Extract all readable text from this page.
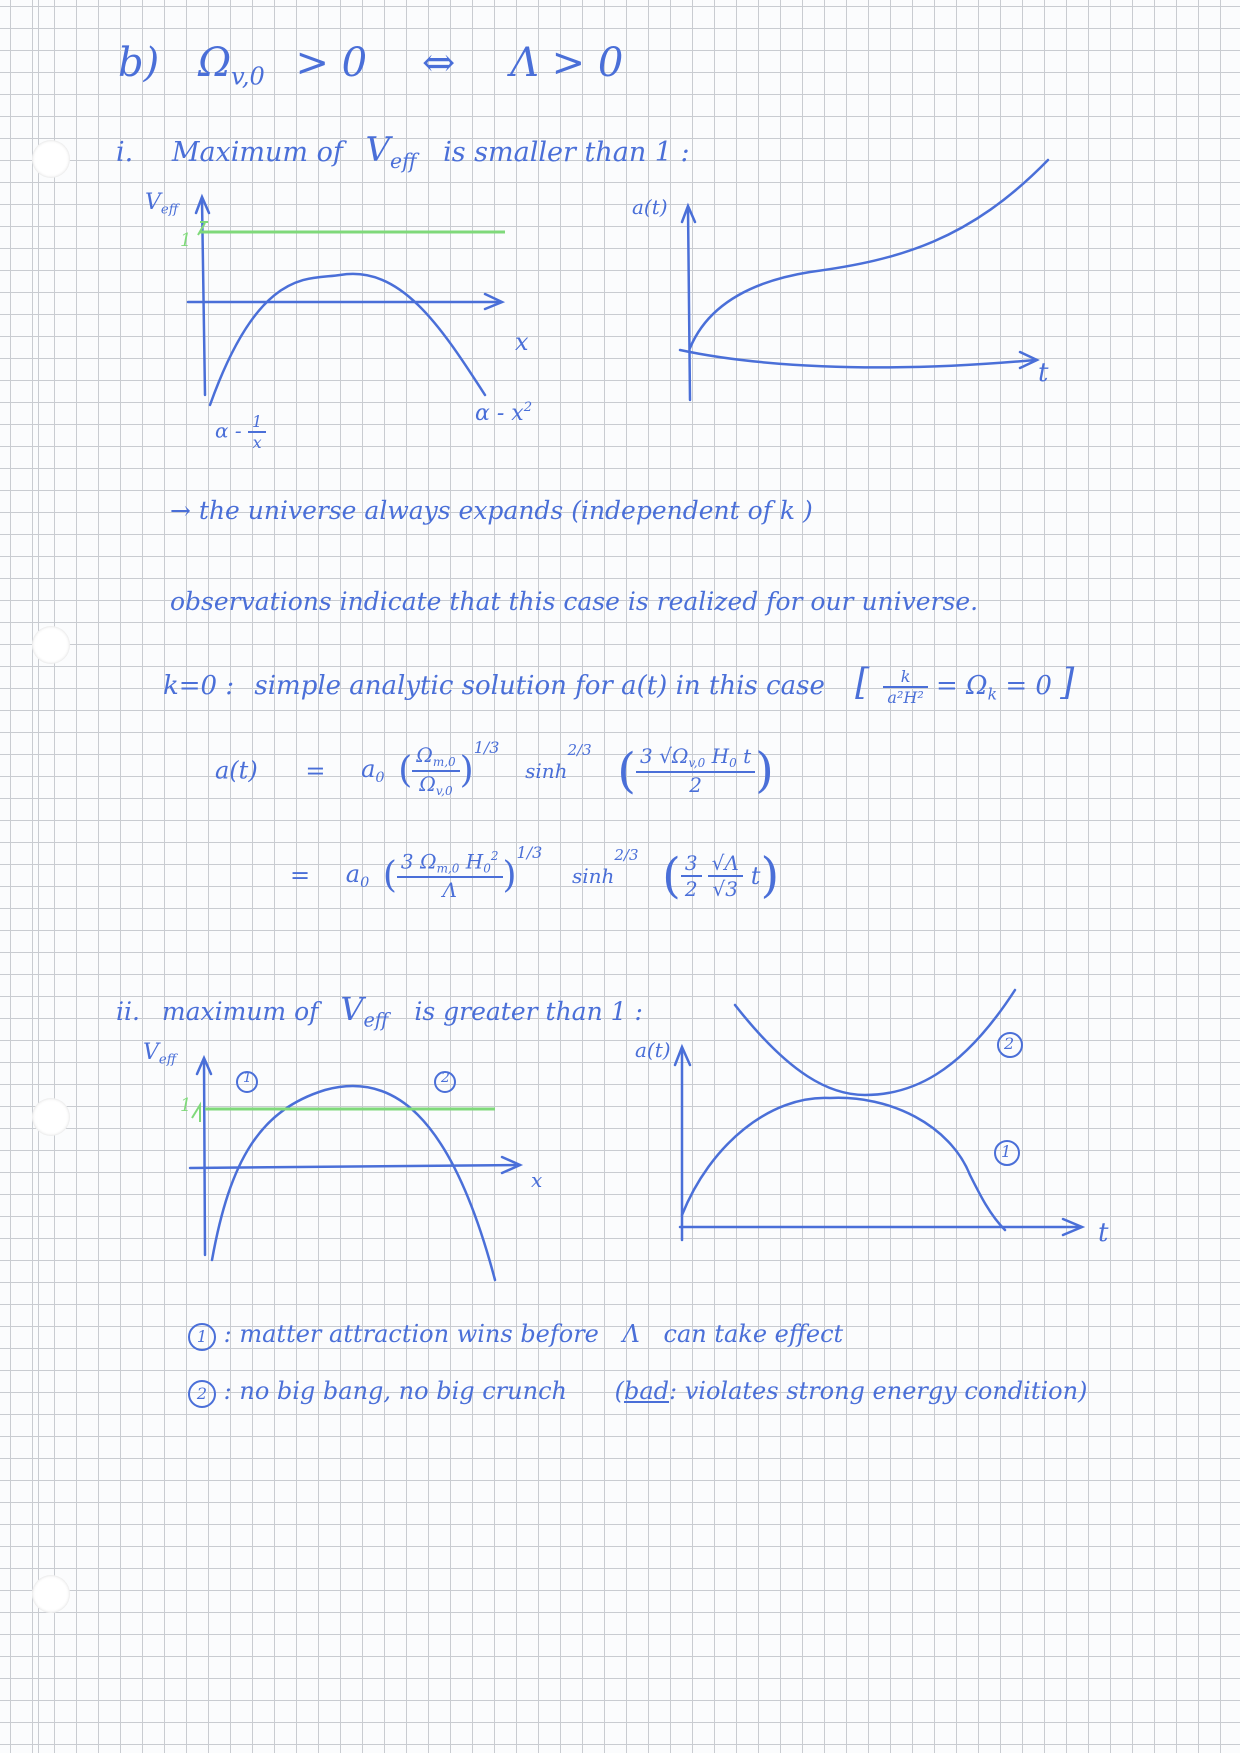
b) $\Omega_{v,0} > 0$ ⇔ Λ > 0
i. Maximum of $V_{eff}$ is smaller than 1 :
$V_{eff}$
1
x
α - $\frac{1}{x}$	α - $x^2$
a(t)
t
→ the universe always expands (independent of k )
observations indicate that this case is realized for our universe.
k=0 : simple analytic solution for a(t) in this case [ $\frac{k}{\text{a²H²}} = \Omega_k = 0$ ]
$a(t) = a_0$ ( $\frac{\Omega_{m,0}}{\Omega_{v,0}} )^{1/3}$ $\sinh^{2/3}$ ( $\frac{3 √\Omega_{v,0} H_0 t}{2}$ )
= $a_0$ ( $\frac{3 \Omega_{m,0} H_0^2}{\Lambda} )^{1/3}$ $\sinh^{2/3}$ ( $\frac{3}{2} \frac{√\Lambda}{√3} t$)
ii. maximum of $V_{eff}$ is greater than 1 :
$V_{eff}$
1
x
1	2
a(t)
t
2
1
1 : matter attraction wins before Λ can take effect
2 : no big bang, no big crunch (bad: violates strong energy condition)
